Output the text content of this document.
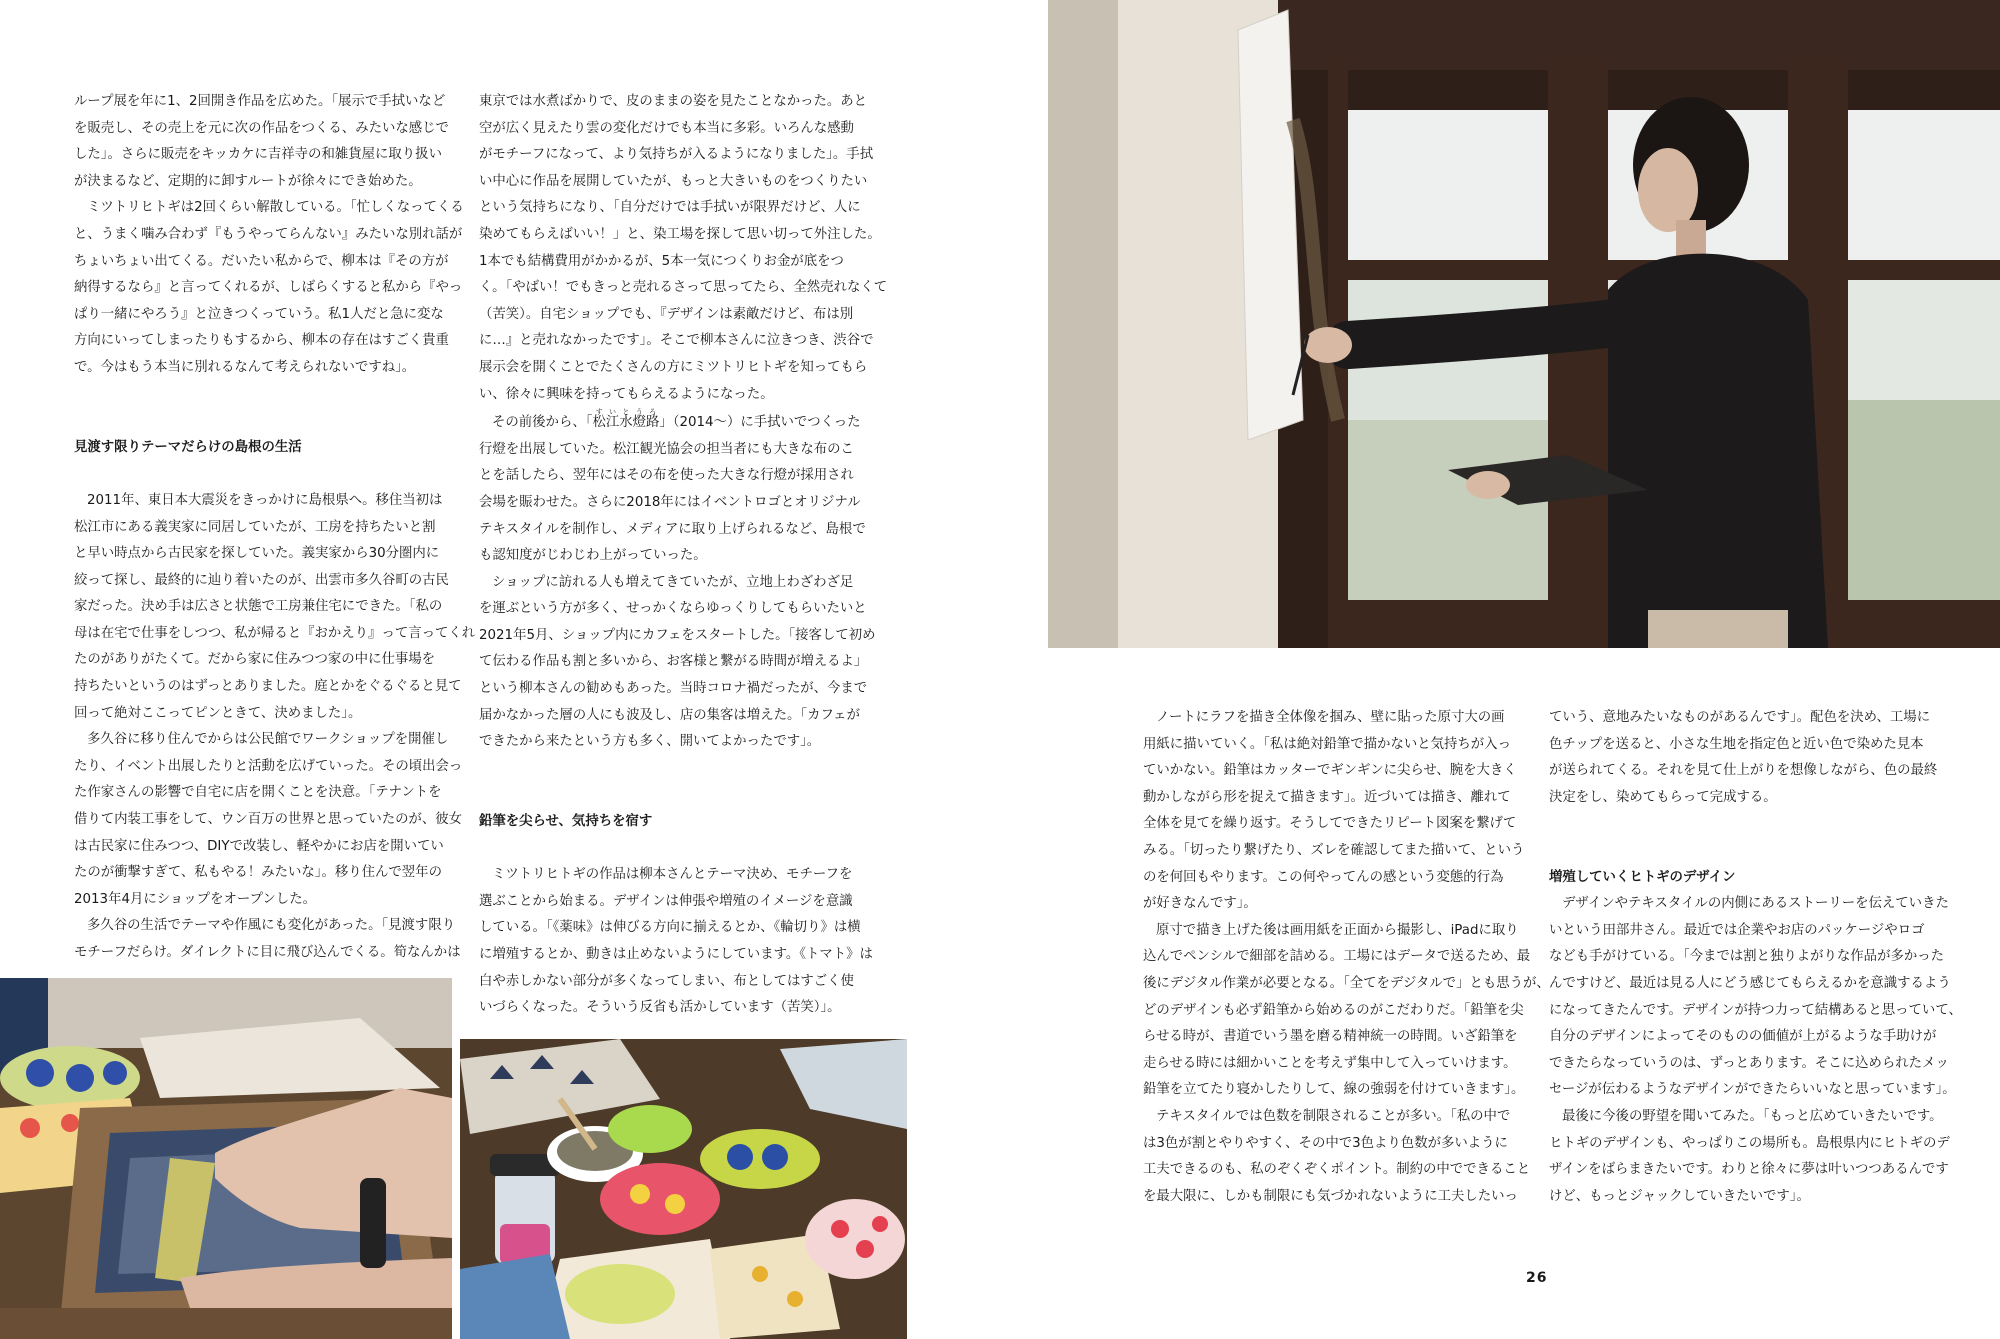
ループ展を年に1、2回開き作品を広めた。「展示で手拭いなど

を販売し、その売上を元に次の作品をつくる、みたいな感じで

した」。さらに販売をキッカケに吉祥寺の和雑貨屋に取り扱い

が決まるなど、定期的に卸すルートが徐々にでき始めた。

ミツトリヒトギは2回くらい解散している。「忙しくなってくる

と、うまく噛み合わず『もうやってらんない』みたいな別れ話が

ちょいちょい出てくる。だいたい私からで、柳本は『その方が

納得するなら』と言ってくれるが、しばらくすると私から『やっ

ぱり一緒にやろう』と泣きつくっていう。私1人だと急に変な

方向にいってしまったりもするから、柳本の存在はすごく貴重

で。今はもう本当に別れるなんて考えられないですね」。

見渡す限りテーマだらけの島根の生活

2011年、東日本大震災をきっかけに島根県へ。移住当初は

松江市にある義実家に同居していたが、工房を持ちたいと割

と早い時点から古民家を探していた。義実家から30分圏内に

絞って探し、最終的に辿り着いたのが、出雲市多久谷町の古民

家だった。決め手は広さと状態で工房兼住宅にできた。「私の

母は在宅で仕事をしつつ、私が帰ると『おかえり』って言ってくれ

たのがありがたくて。だから家に住みつつ家の中に仕事場を

持ちたいというのはずっとありました。庭とかをぐるぐると見て

回って絶対ここってピンときて、決めました」。

多久谷に移り住んでからは公民館でワークショップを開催し

たり、イベント出展したりと活動を広げていった。その頃出会っ

た作家さんの影響で自宅に店を開くことを決意。「テナントを

借りて内装工事をして、ウン百万の世界と思っていたのが、彼女

は古民家に住みつつ、DIYで改装し、軽やかにお店を開いてい

たのが衝撃すぎて、私もやる！みたいな」。移り住んで翌年の

2013年4月にショップをオープンした。

多久谷の生活でテーマや作風にも変化があった。「見渡す限り

モチーフだらけ。ダイレクトに目に飛び込んでくる。筍なんかは

東京では水煮ばかりで、皮のままの姿を見たことなかった。あと

空が広く見えたり雲の変化だけでも本当に多彩。いろんな感動

がモチーフになって、より気持ちが入るようになりました」。手拭

い中心に作品を展開していたが、もっと大きいものをつくりたい

という気持ちになり、「自分だけでは手拭いが限界だけど、人に

染めてもらえばいい！」と、染工場を探して思い切って外注した。

1本でも結構費用がかかるが、5本一気につくりお金が底をつ

く。「やばい！でもきっと売れるさって思ってたら、全然売れなくて

（苦笑）。自宅ショップでも、『デザインは素敵だけど、布は別

に…』と売れなかったです」。そこで柳本さんに泣きつき、渋谷で

展示会を開くことでたくさんの方にミツトリヒトギを知ってもら

い、徐々に興味を持ってもらえるようになった。

その前後から、「松江水燈路すいとうろ」（2014〜）に手拭いでつくった

行燈を出展していた。松江観光協会の担当者にも大きな布のこ

とを話したら、翌年にはその布を使った大きな行燈が採用され

会場を賑わせた。さらに2018年にはイベントロゴとオリジナル

テキスタイルを制作し、メディアに取り上げられるなど、島根で

も認知度がじわじわ上がっていった。

ショップに訪れる人も増えてきていたが、立地上わざわざ足

を運ぶという方が多く、せっかくならゆっくりしてもらいたいと

2021年5月、ショップ内にカフェをスタートした。「接客して初め

て伝わる作品も割と多いから、お客様と繋がる時間が増えるよ」

という柳本さんの勧めもあった。当時コロナ禍だったが、今まで

届かなかった層の人にも波及し、店の集客は増えた。「カフェが

できたから来たという方も多く、開いてよかったです」。

鉛筆を尖らせ、気持ちを宿す

ミツトリヒトギの作品は柳本さんとテーマ決め、モチーフを

選ぶことから始まる。デザインは伸張や増殖のイメージを意識

している。「《薬味》は伸びる方向に揃えるとか、《輪切り》は横

に増殖するとか、動きは止めないようにしています。《トマト》は

白や赤しかない部分が多くなってしまい、布としてはすごく使

いづらくなった。そういう反省も活かしています（苦笑）」。

ノートにラフを描き全体像を掴み、壁に貼った原寸大の画

用紙に描いていく。「私は絶対鉛筆で描かないと気持ちが入っ

ていかない。鉛筆はカッターでギンギンに尖らせ、腕を大きく

動かしながら形を捉えて描きます」。近づいては描き、離れて

全体を見てを繰り返す。そうしてできたリピート図案を繋げて

みる。「切ったり繋げたり、ズレを確認してまた描いて、という

のを何回もやります。この何やってんの感という変態的行為

が好きなんです」。

原寸で描き上げた後は画用紙を正面から撮影し、iPadに取り

込んでペンシルで細部を詰める。工場にはデータで送るため、最

後にデジタル作業が必要となる。「全てをデジタルで」とも思うが、

どのデザインも必ず鉛筆から始めるのがこだわりだ。「鉛筆を尖

らせる時が、書道でいう墨を磨る精神統一の時間。いざ鉛筆を

走らせる時には細かいことを考えず集中して入っていけます。

鉛筆を立てたり寝かしたりして、線の強弱を付けていきます」。

テキスタイルでは色数を制限されることが多い。「私の中で

は3色が割とやりやすく、その中で3色より色数が多いように

工夫できるのも、私のぞくぞくポイント。制約の中でできること

を最大限に、しかも制限にも気づかれないように工夫したいっ

ていう、意地みたいなものがあるんです」。配色を決め、工場に

色チップを送ると、小さな生地を指定色と近い色で染めた見本

が送られてくる。それを見て仕上がりを想像しながら、色の最終

決定をし、染めてもらって完成する。

増殖していくヒトギのデザイン

デザインやテキスタイルの内側にあるストーリーを伝えていきた

いという田部井さん。最近では企業やお店のパッケージやロゴ

なども手がけている。「今までは割と独りよがりな作品が多かった

んですけど、最近は見る人にどう感じてもらえるかを意識するよう

になってきたんです。デザインが持つ力って結構あると思っていて、

自分のデザインによってそのものの価値が上がるような手助けが

できたらなっていうのは、ずっとあります。そこに込められたメッ

セージが伝わるようなデザインができたらいいなと思っています」。

最後に今後の野望を聞いてみた。「もっと広めていきたいです。

ヒトギのデザインも、やっぱりこの場所も。島根県内にヒトギのデ

ザインをばらまきたいです。わりと徐々に夢は叶いつつあるんです

けど、もっとジャックしていきたいです」。

26
